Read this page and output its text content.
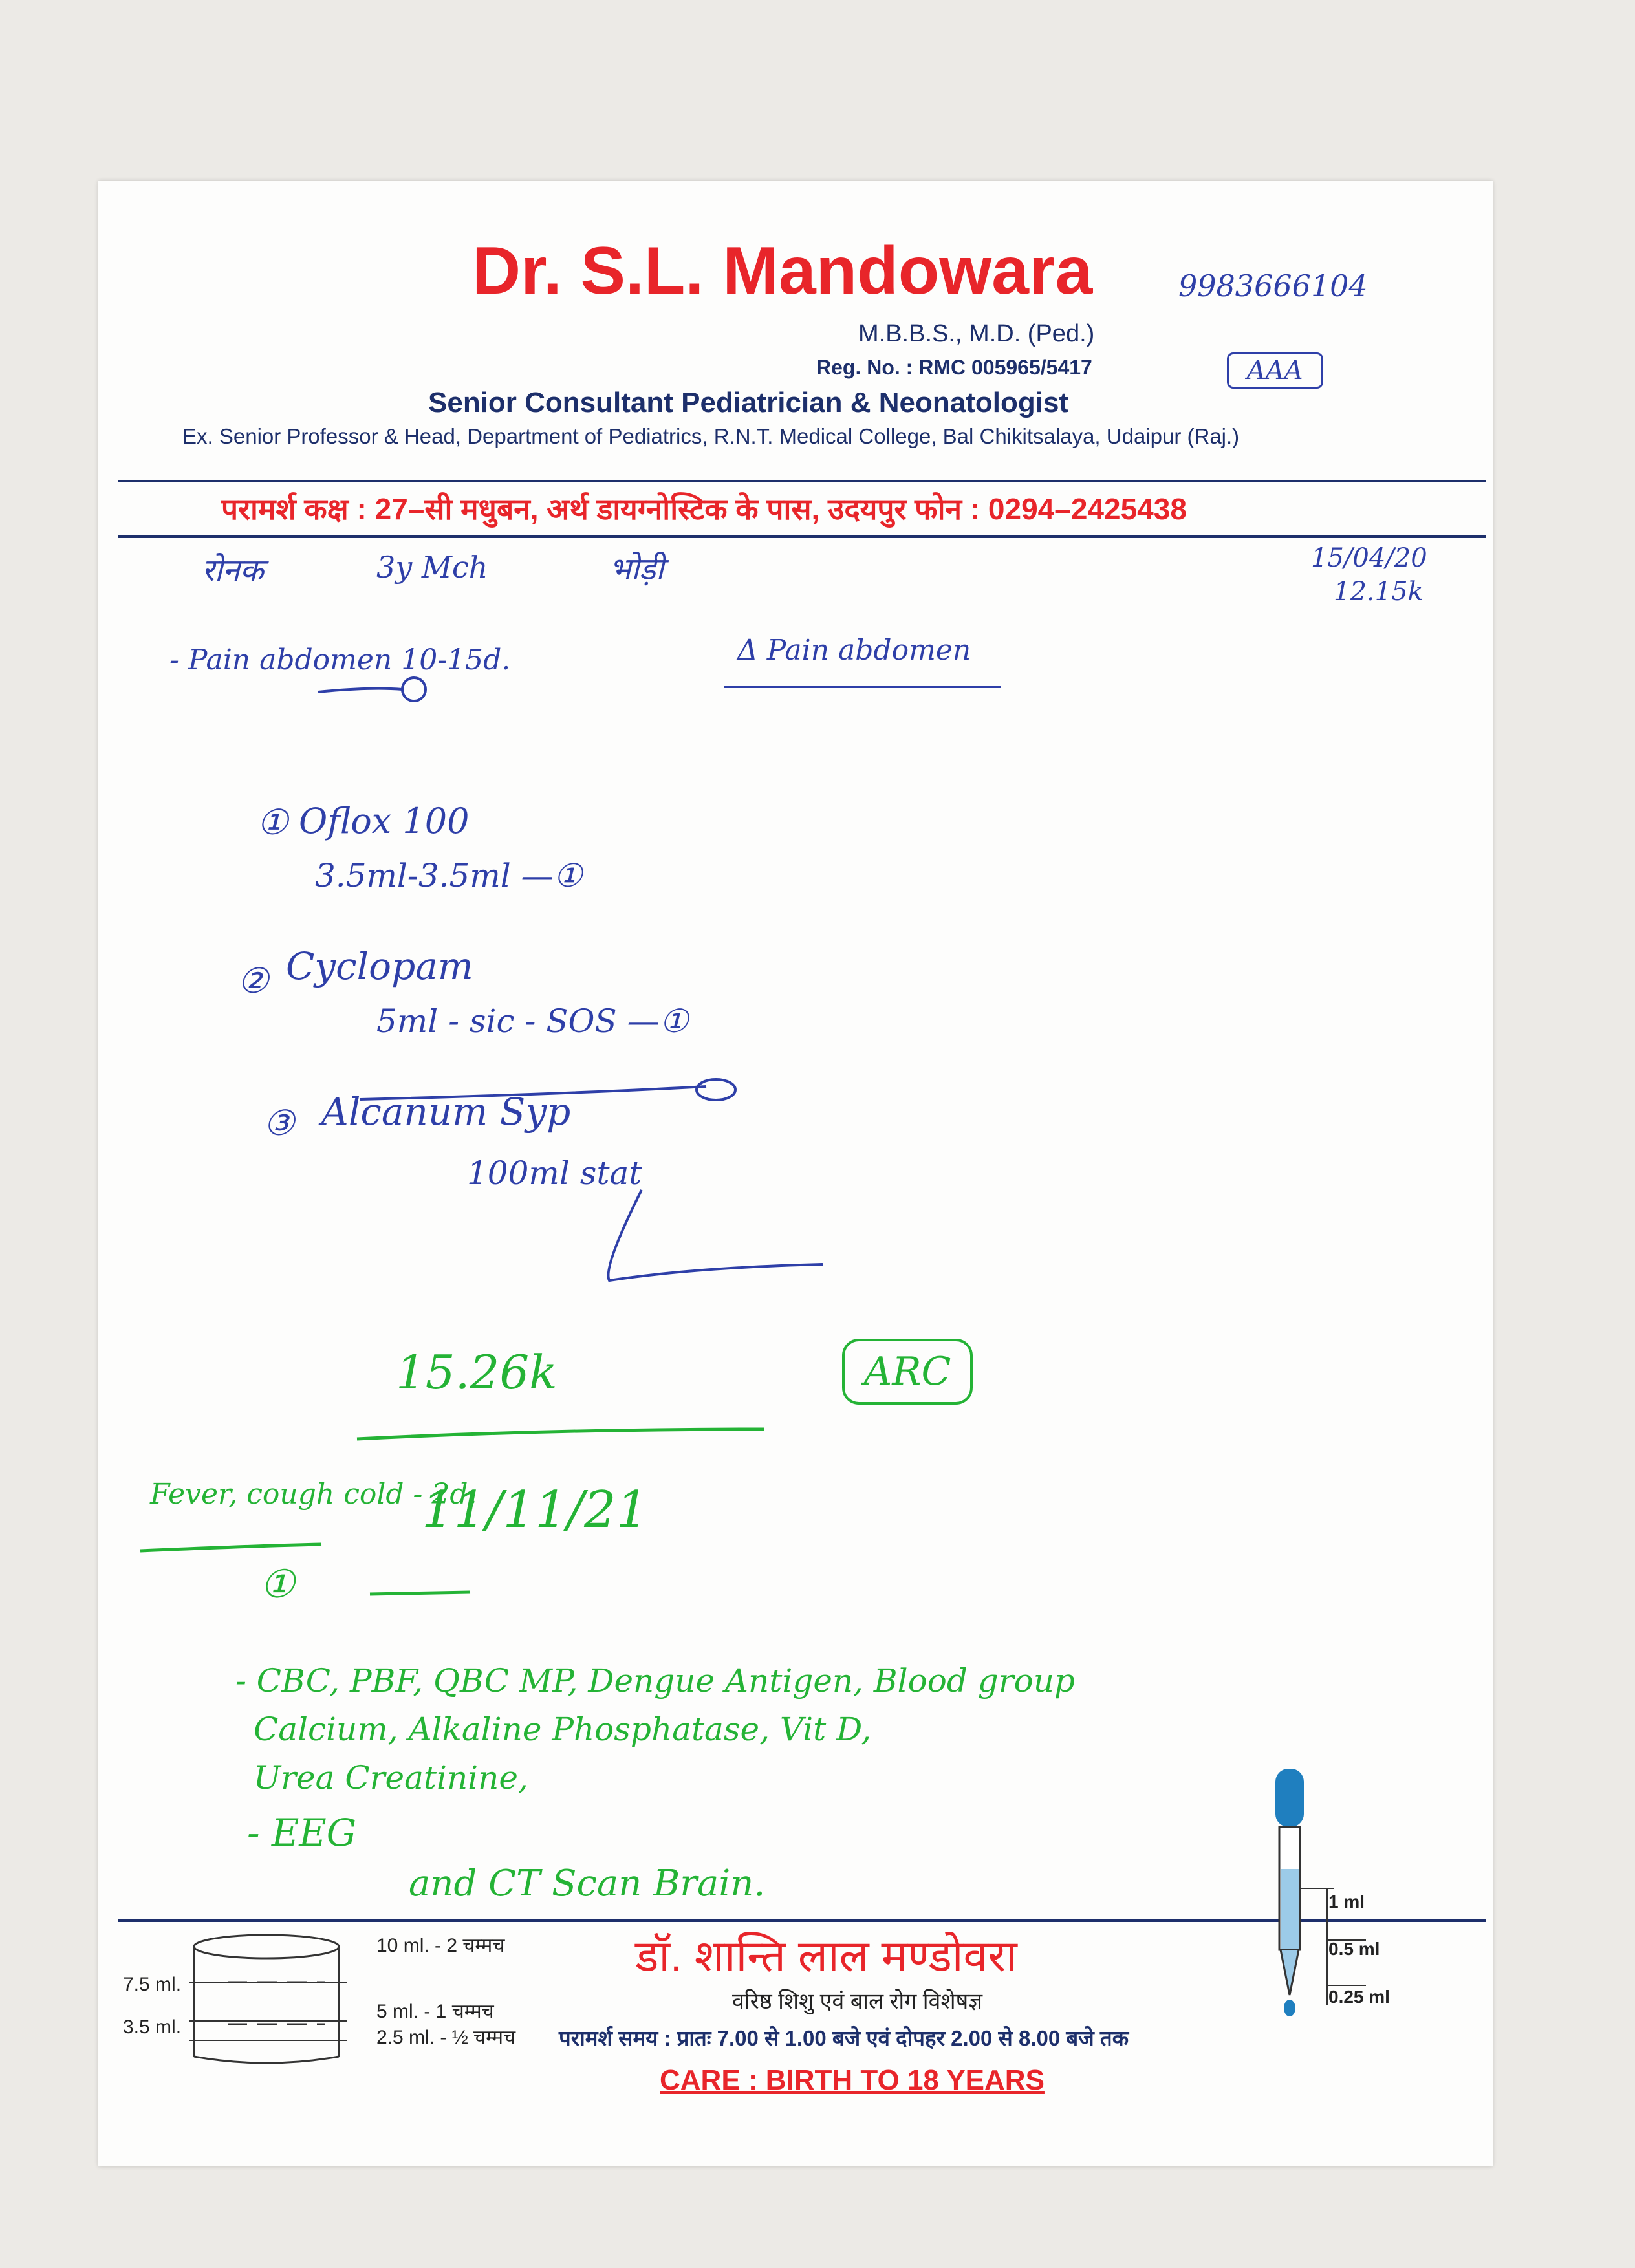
Dr. S.L. Mandowara
M.B.B.S., M.D. (Ped.)
Reg. No. : RMC 005965/5417
Senior Consultant Pediatrician & Neonatologist
Ex. Senior Professor & Head, Department of Pediatrics, R.N.T. Medical College, Bal Chikitsalaya, Udaipur (Raj.)
परामर्श कक्ष : 27–सी मधुबन, अर्थ डायग्नोस्टिक के पास, उदयपुर फोन : 0294–2425438
9983666104
AAA
रोनक	3y Mch	भोड़ी	15/04/20
12.15k
- Pain abdomen 10-15d.	Δ Pain abdomen
① Oflox 100
3.5ml-3.5ml —①
② Cyclopam
5ml - sic - SOS —①
③ Alcanum Syp
100ml stat
15.26k	ARC
Fever, cough cold - 2d.
11/11/21
①
- CBC, PBF, QBC MP, Dengue Antigen, Blood group
Calcium, Alkaline Phosphatase, Vit D,
Urea Creatinine,
- EEG
and CT Scan Brain.
7.5 ml.
3.5 ml.
10 ml. - 2 चम्मच
5 ml. - 1 चम्मच
2.5 ml. - ½ चम्मच
डॉ. शान्ति लाल मण्डोवरा
वरिष्ठ शिशु एवं बाल रोग विशेषज्ञ
परामर्श समय : प्रातः 7.00 से 1.00 बजे एवं दोपहर 2.00 से 8.00 बजे तक
CARE : BIRTH TO 18 YEARS
1 ml
0.5 ml
0.25 ml
